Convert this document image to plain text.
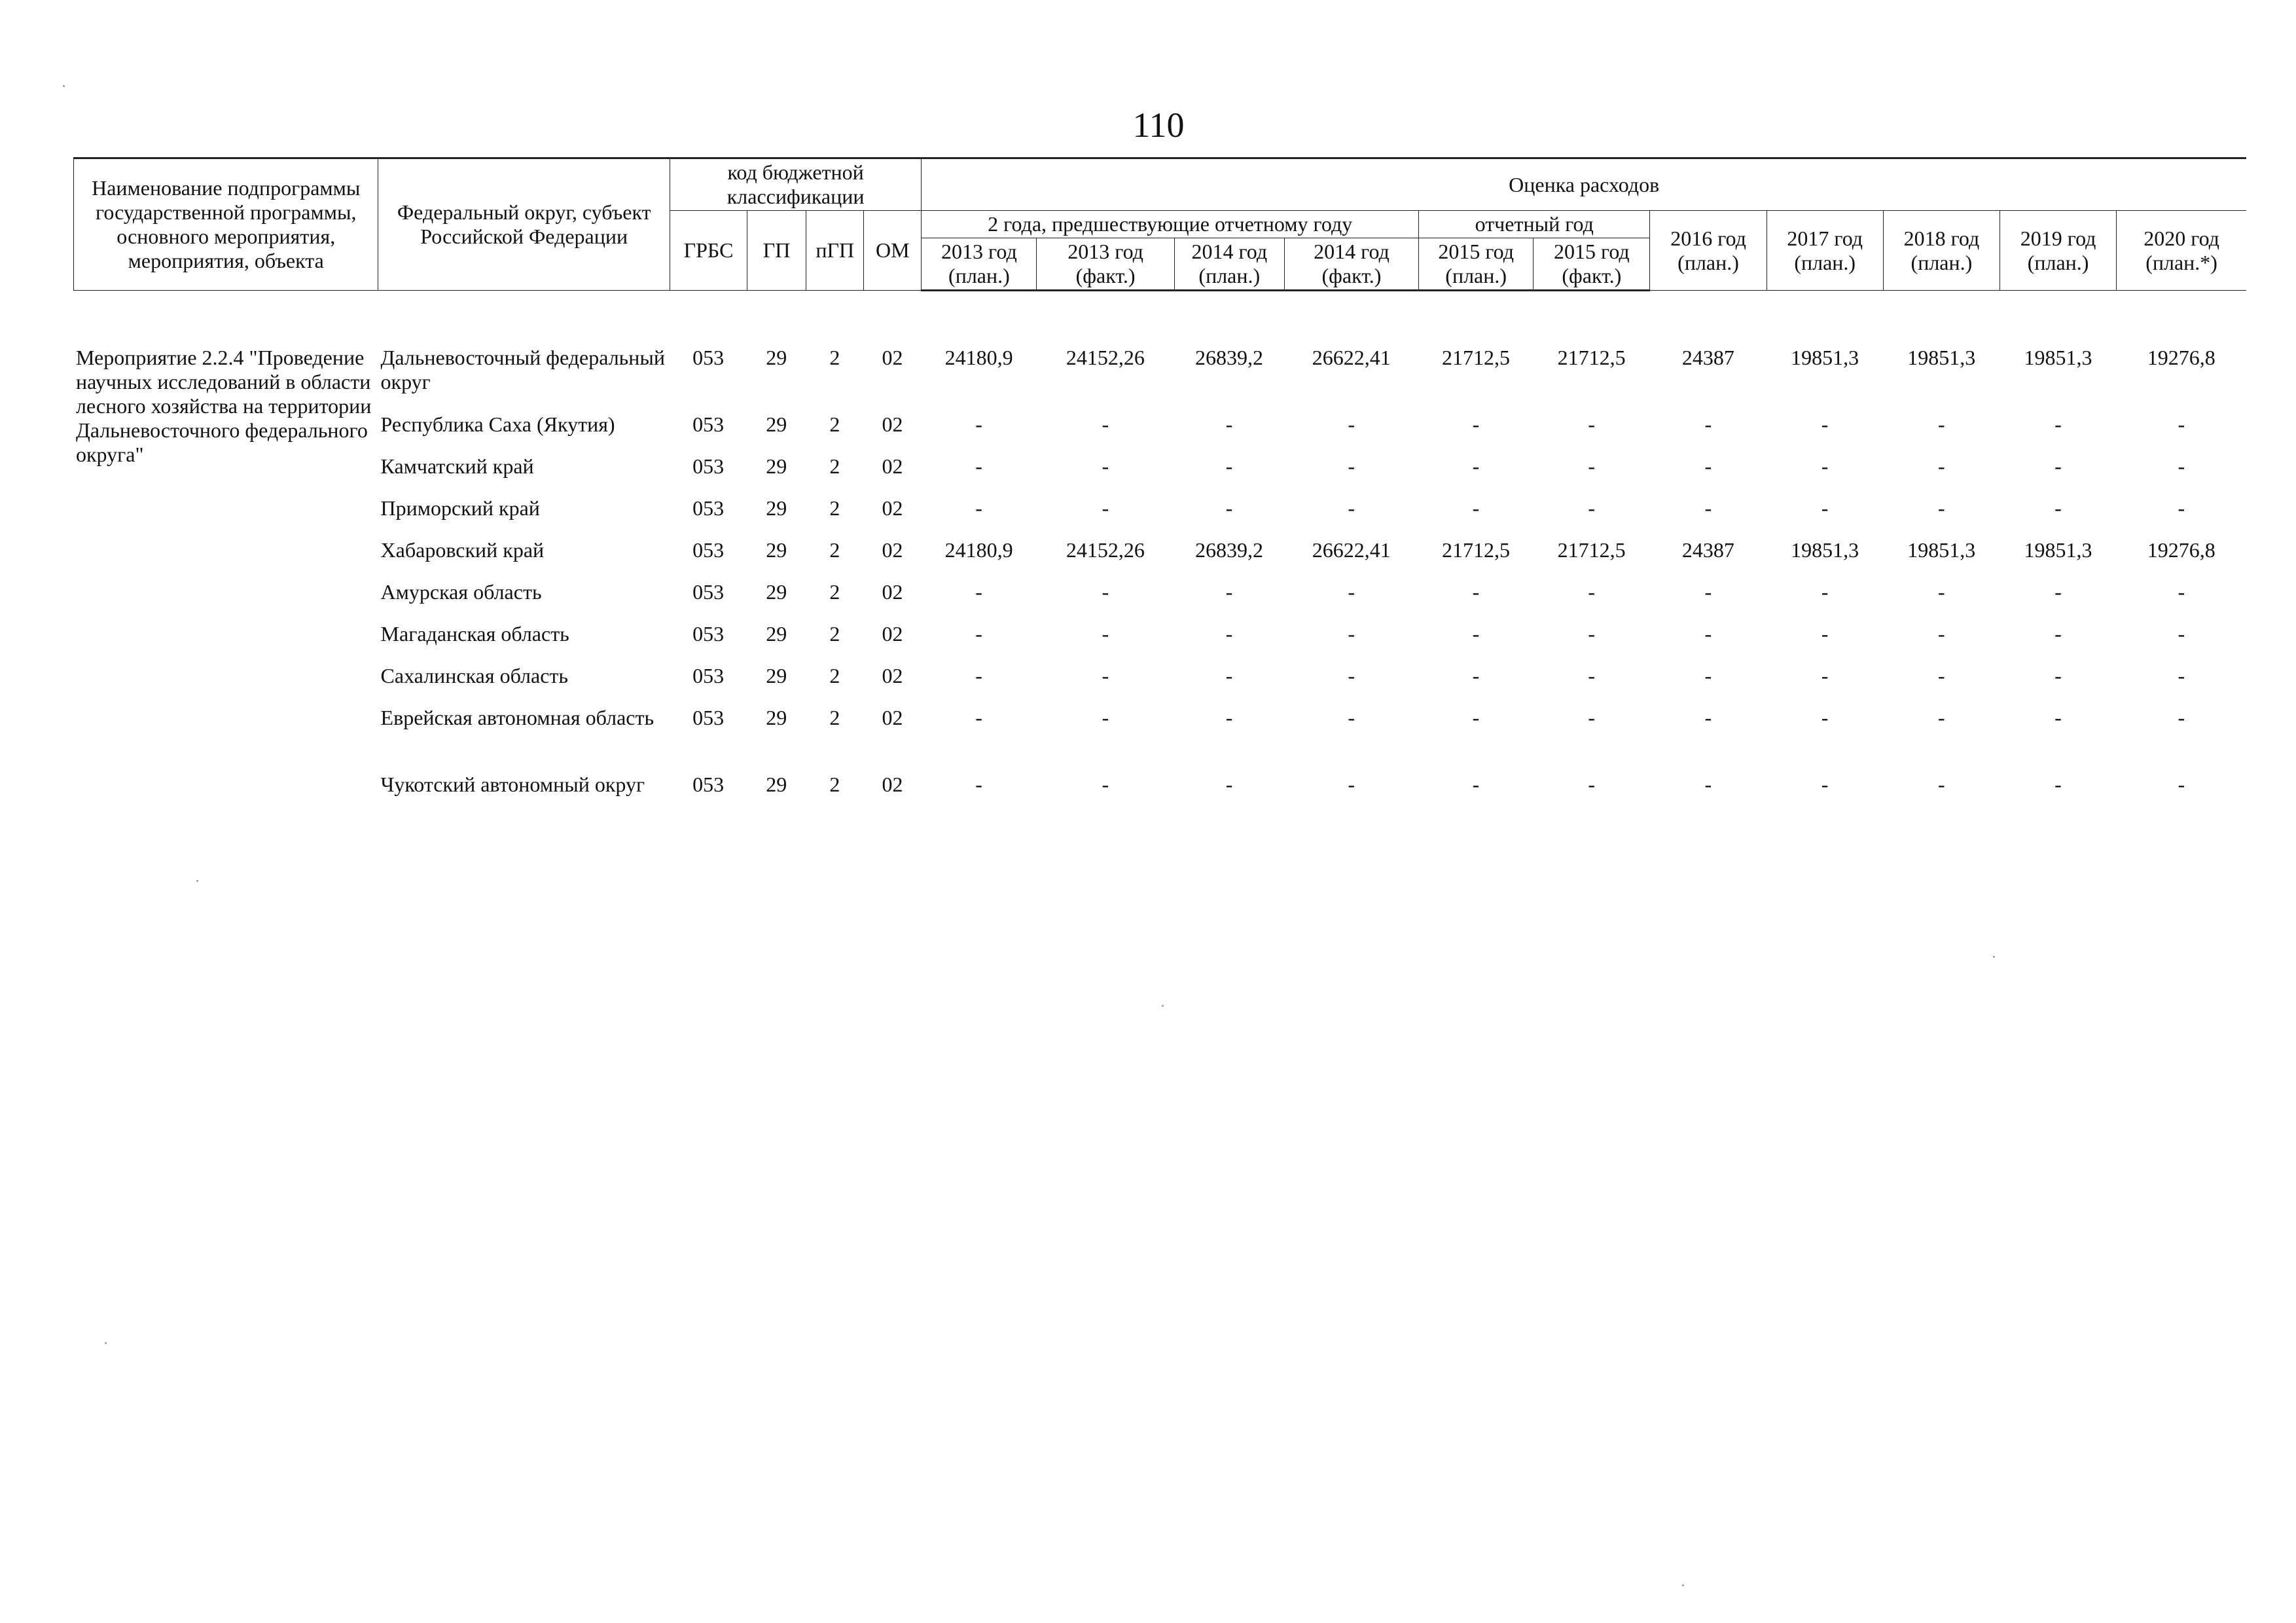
110
Наименование подпрограммы государственной программы, основного мероприятия, мероприятия, объекта	Федеральный округ, субъект Российской Федерации	код бюджетной классификации				Оценка расходов										
		ГРБС	ГП	пГП	ОМ	2 года, предшествующие отчетному году				отчетный год		2016 год (план.)	2017 год (план.)	2018 год (план.)	2019 год (план.)	2020 год (план.*)
						2013 год (план.)	2013 год (факт.)	2014 год (план.)	2014 год (факт.)	2015 год (план.)	2015 год (факт.)					
Мероприятие 2.2.4 "Проведение научных исследований в области лесного хозяйства на территории Дальневосточного федерального округа"	Дальневосточный федеральный округ	053	29	2	02	24180,9	24152,26	26839,2	26622,41	21712,5	21712,5	24387	19851,3	19851,3	19851,3	19276,8
	Республика Саха (Якутия)	053	29	2	02	-	-	-	-	-	-	-	-	-	-	-
	Камчатский край	053	29	2	02	-	-	-	-	-	-	-	-	-	-	-
	Приморский край	053	29	2	02	-	-	-	-	-	-	-	-	-	-	-
	Хабаровский край	053	29	2	02	24180,9	24152,26	26839,2	26622,41	21712,5	21712,5	24387	19851,3	19851,3	19851,3	19276,8
	Амурская область	053	29	2	02	-	-	-	-	-	-	-	-	-	-	-
	Магаданская область	053	29	2	02	-	-	-	-	-	-	-	-	-	-	-
	Сахалинская область	053	29	2	02	-	-	-	-	-	-	-	-	-	-	-
	Еврейская автономная область	053	29	2	02	-	-	-	-	-	-	-	-	-	-	-
	Чукотский автономный округ	053	29	2	02	-	-	-	-	-	-	-	-	-	-	-
